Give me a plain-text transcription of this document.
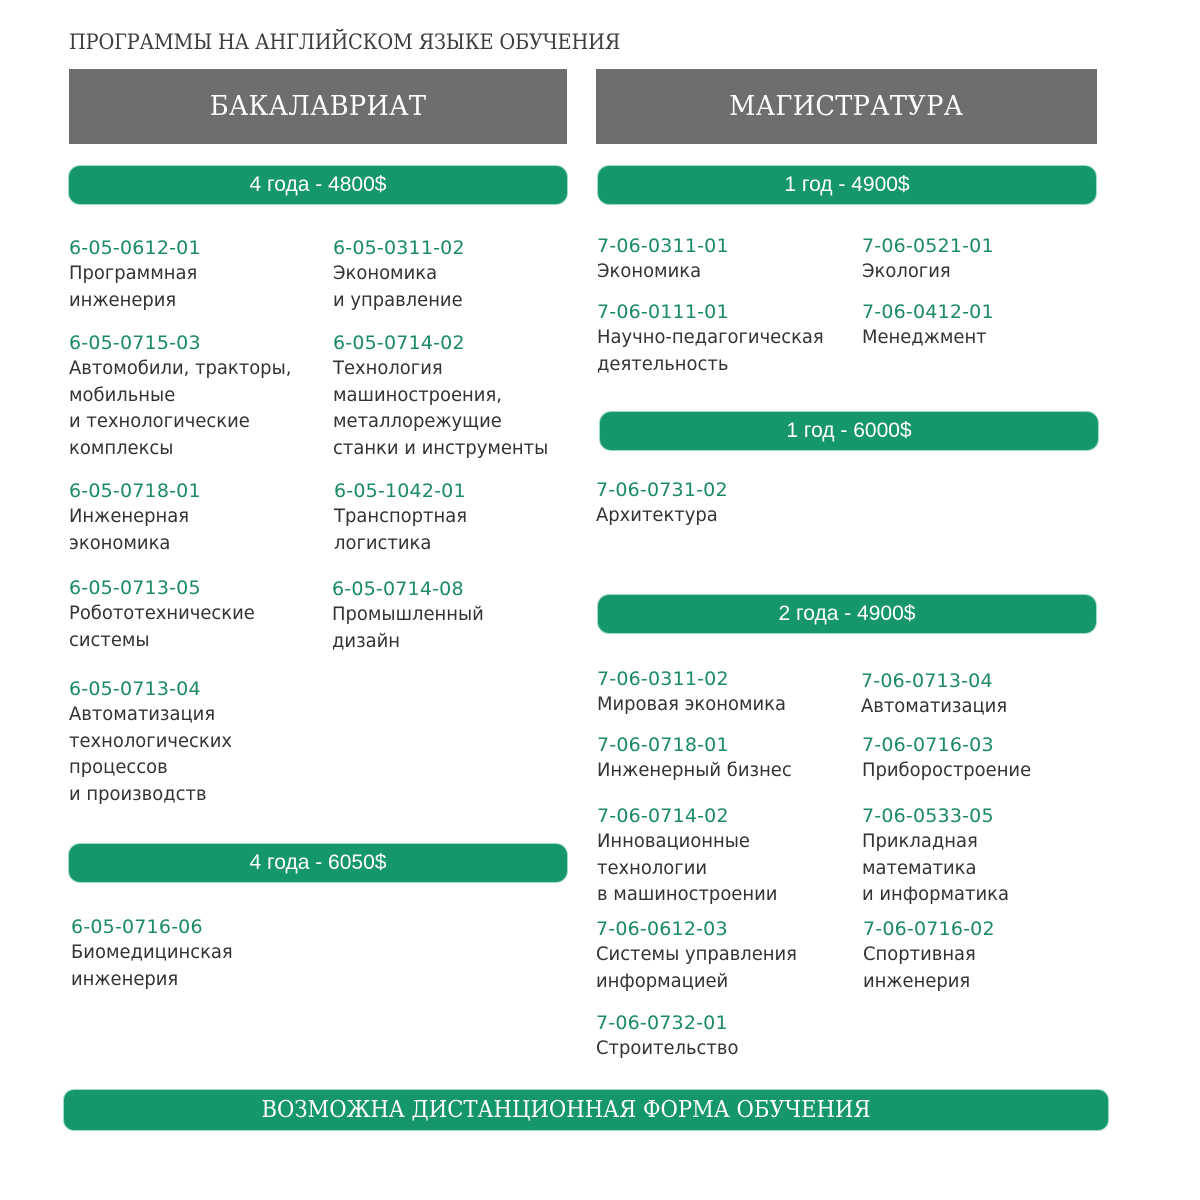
ПРОГРАММЫ НА АНГЛИЙСКОМ ЯЗЫКЕ ОБУЧЕНИЯ
БАКАЛАВРИАТ	МАГИСТРАТУРА
4 года - 4800$
4 года - 6050$
1 год - 4900$
1 год - 6000$
2 года - 4900$
6-05-0612-01
Программная
инженерия
6-05-0311-02
Экономика
и управление
6-05-0715-03
Автомобили, тракторы,
мобильные
и технологические
комплексы
6-05-0714-02
Технология
машиностроения,
металлорежущие
станки и инструменты
6-05-0718-01
Инженерная
экономика
6-05-1042-01
Транспортная
логистика
6-05-0713-05
Робототехнические
системы
6-05-0714-08
Промышленный
дизайн
6-05-0713-04
Автоматизация
технологических
процессов
и производств
6-05-0716-06
Биомедицинская
инженерия
7-06-0311-01
Экономика
7-06-0521-01
Экология
7-06-0111-01
Научно-педагогическая
деятельность
7-06-0412-01
Менеджмент
7-06-0731-02
Архитектура
7-06-0311-02
Мировая экономика
7-06-0713-04
Автоматизация
7-06-0718-01
Инженерный бизнес
7-06-0716-03
Приборостроение
7-06-0714-02
Инновационные
технологии
в машиностроении
7-06-0533-05
Прикладная
математика
и информатика
7-06-0612-03
Системы управления
информацией
7-06-0716-02
Спортивная
инженерия
7-06-0732-01
Строительство
ВОЗМОЖНА ДИСТАНЦИОННАЯ ФОРМА ОБУЧЕНИЯ
